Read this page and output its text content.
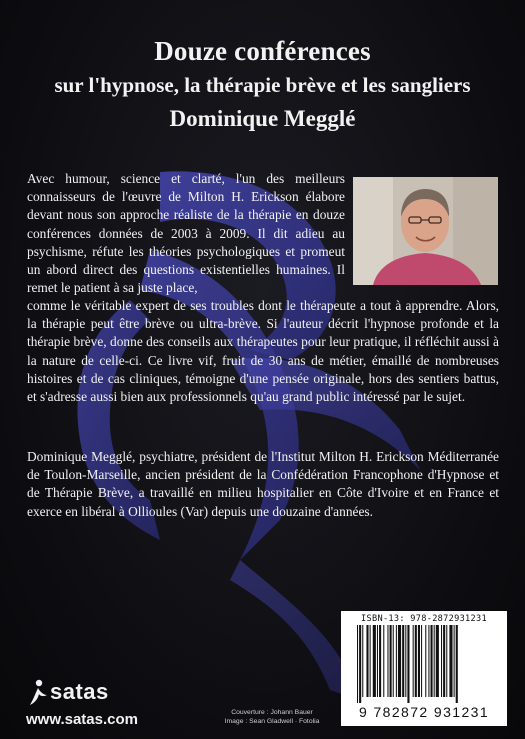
Douze conférences
sur l'hypnose, la thérapie brève et les sangliers
Dominique Megglé
Avec humour, science et clarté, l'un des meilleurs connaisseurs de l'œuvre de Milton H. Erickson élabore devant nous son approche réaliste de la thérapie en douze conférences données de 2003 à 2009. Il dit adieu au psychisme, réfute les théories psychologiques et promeut un abord direct des questions existentielles humaines. Il remet le patient à sa juste place,
comme le véritable expert de ses troubles dont le thérapeute a tout à apprendre. Alors, la thérapie peut être brève ou ultra-brève. Si l'auteur décrit l'hypnose profonde et la thérapie brève, donne des conseils aux thérapeutes pour leur pratique, il réfléchit aussi à la nature de celle-ci. Ce livre vif, fruit de 30 ans de métier, émaillé de nombreuses histoires et de cas cliniques, témoigne d'une pensée originale, hors des sentiers battus, et s'adresse aussi bien aux professionnels qu'au grand public intéressé par le sujet.
Dominique Megglé, psychiatre, président de l'Institut Milton H. Erickson Méditerranée de Toulon-Marseille, ancien président de la Confédération Francophone d'Hypnose et de Thérapie Brève, a travaillé en milieu hospitalier en Côte d'Ivoire et en France et exerce en libéral à Ollioules (Var) depuis une douzaine d'années.
ISBN-13: 978-2872931231
9 782872 931231
satas
www.satas.com	Couverture : Johann Bauer
Image : Sean Gladwell · Fotolia
